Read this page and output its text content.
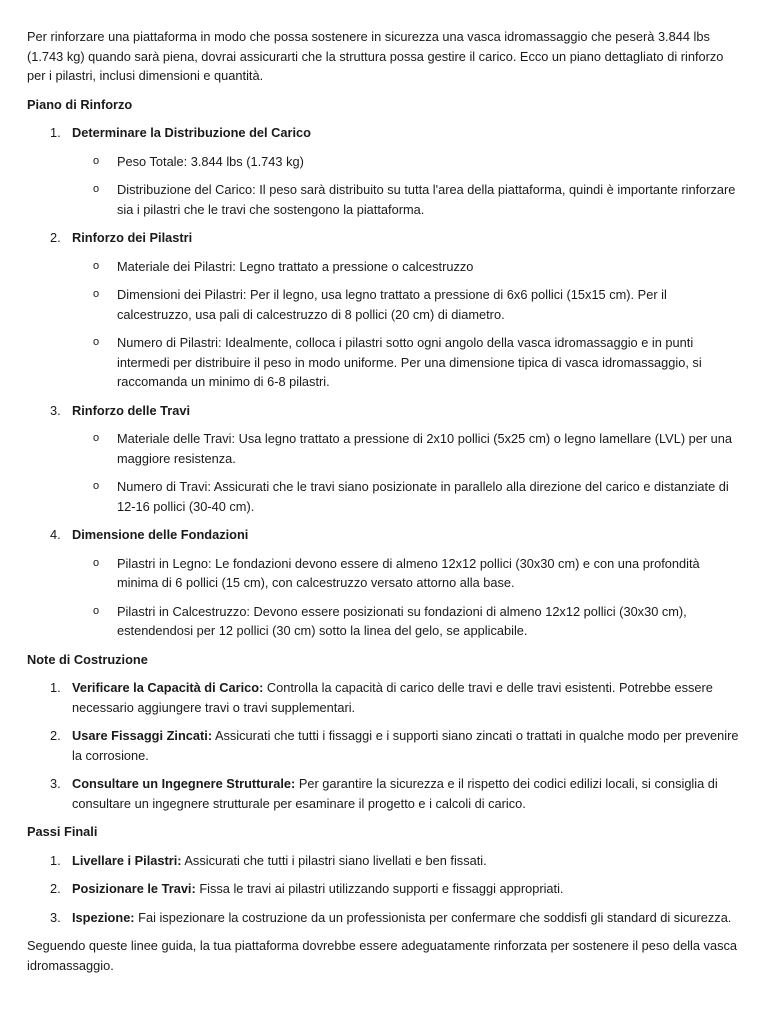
Per rinforzare una piattaforma in modo che possa sostenere in sicurezza una vasca idromassaggio che peserà 3.844 lbs (1.743 kg) quando sarà piena, dovrai assicurarti che la struttura possa gestire il carico. Ecco un piano dettagliato di rinforzo per i pilastri, inclusi dimensioni e quantità.

Piano di Rinforzo

1. Determinare la Distribuzione del Carico
o Peso Totale: 3.844 lbs (1.743 kg)
o Distribuzione del Carico: Il peso sarà distribuito su tutta l'area della piattaforma, quindi è importante rinforzare sia i pilastri che le travi che sostengono la piattaforma.
2. Rinforzo dei Pilastri
o Materiale dei Pilastri: Legno trattato a pressione o calcestruzzo
o Dimensioni dei Pilastri: Per il legno, usa legno trattato a pressione di 6x6 pollici (15x15 cm). Per il calcestruzzo, usa pali di calcestruzzo di 8 pollici (20 cm) di diametro.
o Numero di Pilastri: Idealmente, colloca i pilastri sotto ogni angolo della vasca idromassaggio e in punti intermedi per distribuire il peso in modo uniforme. Per una dimensione tipica di vasca idromassaggio, si raccomanda un minimo di 6-8 pilastri.
3. Rinforzo delle Travi
o Materiale delle Travi: Usa legno trattato a pressione di 2x10 pollici (5x25 cm) o legno lamellare (LVL) per una maggiore resistenza.
o Numero di Travi: Assicurati che le travi siano posizionate in parallelo alla direzione del carico e distanziate di 12-16 pollici (30-40 cm).
4. Dimensione delle Fondazioni
o Pilastri in Legno: Le fondazioni devono essere di almeno 12x12 pollici (30x30 cm) e con una profondità minima di 6 pollici (15 cm), con calcestruzzo versato attorno alla base.
o Pilastri in Calcestruzzo: Devono essere posizionati su fondazioni di almeno 12x12 pollici (30x30 cm), estendendosi per 12 pollici (30 cm) sotto la linea del gelo, se applicabile.

Note di Costruzione

1. Verificare la Capacità di Carico: Controlla la capacità di carico delle travi e delle travi esistenti. Potrebbe essere necessario aggiungere travi o travi supplementari.
2. Usare Fissaggi Zincati: Assicurati che tutti i fissaggi e i supporti siano zincati o trattati in qualche modo per prevenire la corrosione.
3. Consultare un Ingegnere Strutturale: Per garantire la sicurezza e il rispetto dei codici edilizi locali, si consiglia di consultare un ingegnere strutturale per esaminare il progetto e i calcoli di carico.

Passi Finali

1. Livellare i Pilastri: Assicurati che tutti i pilastri siano livellati e ben fissati.
2. Posizionare le Travi: Fissa le travi ai pilastri utilizzando supporti e fissaggi appropriati.
3. Ispezione: Fai ispezionare la costruzione da un professionista per confermare che soddisfi gli standard di sicurezza.

Seguendo queste linee guida, la tua piattaforma dovrebbe essere adeguatamente rinforzata per sostenere il peso della vasca idromassaggio.
